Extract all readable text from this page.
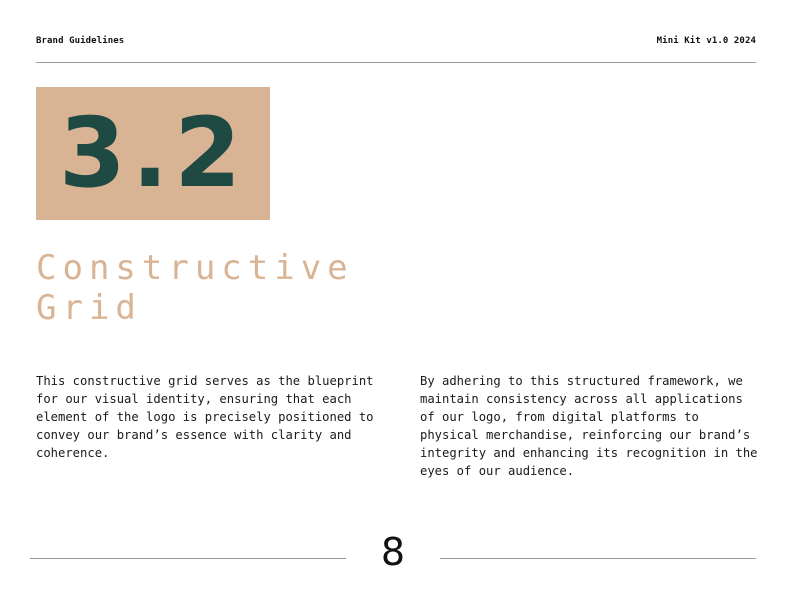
Brand Guidelines	Mini Kit v1.0 2024
3.2
Constructive
Grid

This constructive grid serves as the blueprint for our visual identity, ensuring that each element of the logo is precisely positioned to convey our brand’s essence with clarity and coherence.

By adhering to this structured framework, we maintain consistency across all applications of our logo, from digital platforms to physical merchandise, reinforcing our brand’s integrity and enhancing its recognition in the eyes of our audience.

8
